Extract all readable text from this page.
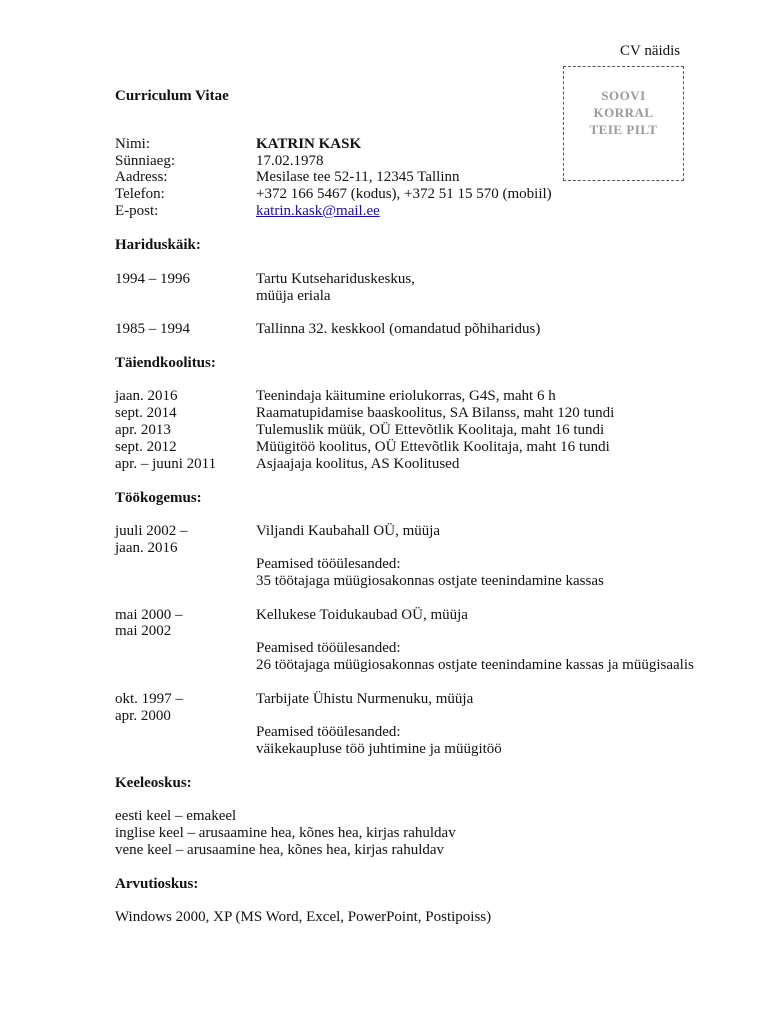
CV näidis
SOOVI
KORRAL
TEIE PILT
Curriculum Vitae
Nimi:	KATRIN KASK
Sünniaeg:	17.02.1978
Aadress:	Mesilase tee 52-11, 12345 Tallinn
Telefon:	+372 166 5467 (kodus), +372 51 15 570 (mobiil)
E-post:	katrin.kask@mail.ee
Hariduskäik:
1994 – 1996	Tartu Kutsehariduskeskus,
müüja eriala
1985 – 1994	Tallinna 32. keskkool (omandatud põhiharidus)
Täiendkoolitus:
jaan. 2016	Teenindaja käitumine eriolukorras, G4S, maht 6 h
sept. 2014	Raamatupidamise baaskoolitus, SA Bilanss, maht 120 tundi
apr. 2013	Tulemuslik müük, OÜ Ettevõtlik Koolitaja, maht 16 tundi
sept. 2012	Müügitöö koolitus, OÜ Ettevõtlik Koolitaja, maht 16 tundi
apr. – juuni 2011	Asjaajaja koolitus, AS Koolitused
Töökogemus:
juuli 2002 –	Viljandi Kaubahall OÜ, müüja
jaan. 2016
Peamised tööülesanded:
35 töötajaga müügiosakonnas ostjate teenindamine kassas
mai 2000 –	Kellukese Toidukaubad OÜ, müüja
mai 2002
Peamised tööülesanded:
26 töötajaga müügiosakonnas ostjate teenindamine kassas ja müügisaalis
okt. 1997 –	Tarbijate Ühistu Nurmenuku, müüja
apr. 2000
Peamised tööülesanded:
väikekaupluse töö juhtimine ja müügitöö
Keeleoskus:
eesti keel – emakeel
inglise keel – arusaamine hea, kõnes hea, kirjas rahuldav
vene keel – arusaamine hea, kõnes hea, kirjas rahuldav
Arvutioskus:
Windows 2000, XP (MS Word, Excel, PowerPoint, Postipoiss)
